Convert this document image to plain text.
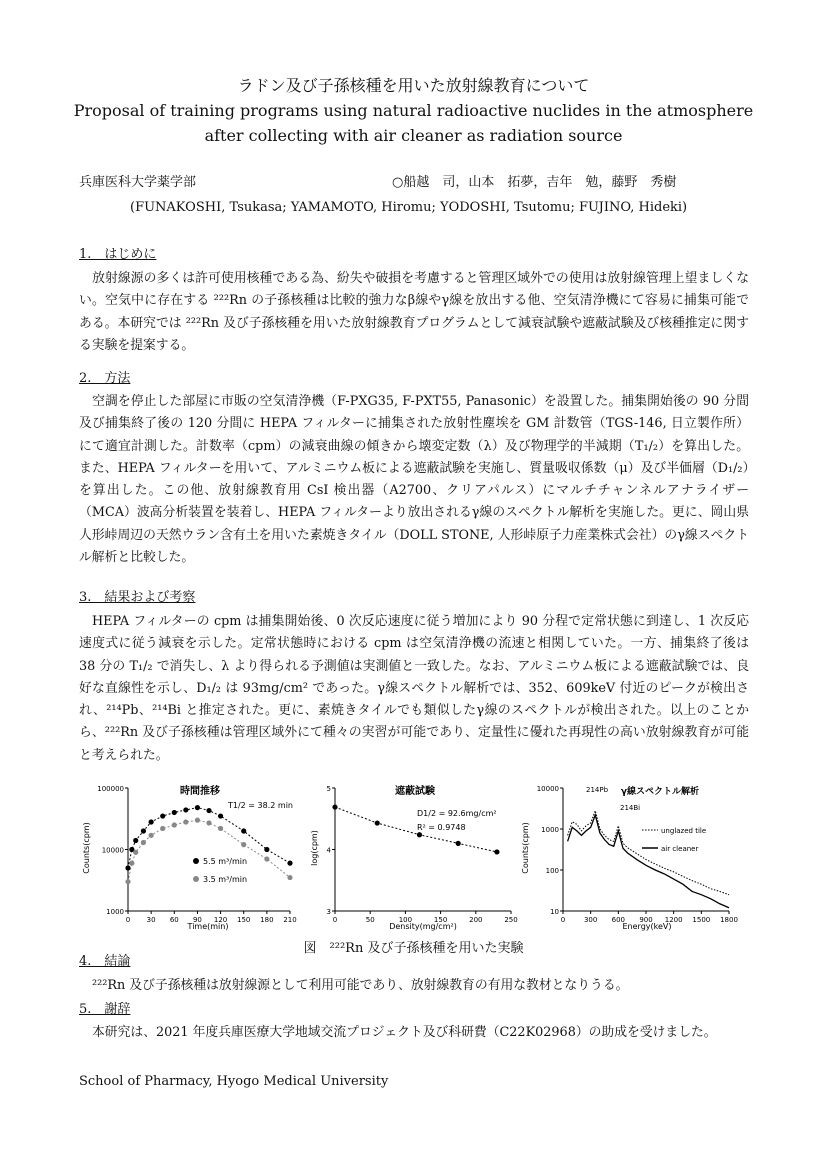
ラドン及び子孫核種を用いた放射線教育について
Proposal of training programs using natural radioactive nuclides in the atmosphere
after collecting with air cleaner as radiation source
兵庫医科大学薬学部	○船越　司，山本　拓夢，吉年　勉，藤野　秀樹
(FUNAKOSHI, Tsukasa; YAMAMOTO, Hiromu; YODOSHI, Tsutomu; FUJINO, Hideki)
1.　はじめに

放射線源の多くは許可使用核種である為、紛失や破損を考慮すると管理区域外での使用は放射線管理上望ましくない。空気中に存在する ²²²Rn の子孫核種は比較的強力なβ線やγ線を放出する他、空気清浄機にて容易に捕集可能である。本研究では ²²²Rn 及び子孫核種を用いた放射線教育プログラムとして減衰試験や遮蔽試験及び核種推定に関する実験を提案する。

2.　方法

空調を停止した部屋に市販の空気清浄機（F-PXG35, F-PXT55, Panasonic）を設置した。捕集開始後の 90 分間及び捕集終了後の 120 分間に HEPA フィルターに捕集された放射性塵埃を GM 計数管（TGS-146, 日立製作所）にて適宜計測した。計数率（cpm）の減衰曲線の傾きから壊変定数（λ）及び物理学的半減期（T₁/₂）を算出した。また、HEPA フィルターを用いて、アルミニウム板による遮蔽試験を実施し、質量吸収係数（μ）及び半価層（D₁/₂）を算出した。この他、放射線教育用 CsI 検出器（A2700、クリアパルス）にマルチチャンネルアナライザー（MCA）波高分析装置を装着し、HEPA フィルターより放出されるγ線のスペクトル解析を実施した。更に、岡山県人形峠周辺の天然ウラン含有土を用いた素焼きタイル（DOLL STONE, 人形峠原子力産業株式会社）のγ線スペクトル解析と比較した。

3.　結果および考察

HEPA フィルターの cpm は捕集開始後、0 次反応速度に従う増加により 90 分程で定常状態に到達し、1 次反応速度式に従う減衰を示した。定常状態時における cpm は空気清浄機の流速と相関していた。一方、捕集終了後は 38 分の T₁/₂ で消失し、λ より得られる予測値は実測値と一致した。なお、アルミニウム板による遮蔽試験では、良好な直線性を示し、D₁/₂ は 93mg/cm² であった。γ線スペクトル解析では、352、609keV 付近のピークが検出され、²¹⁴Pb、²¹⁴Bi と推定された。更に、素焼きタイルでも類似したγ線のスペクトルが検出された。以上のことから、²²²Rn 及び子孫核種は管理区域外にて種々の実習が可能であり、定量性に優れた再現性の高い放射線教育が可能と考えられた。

時間推移
T1/2 = 38.2 min
0 30 60 90 120 150 180 210
1000
10000
100000
Time(min)
Counts(cpm)	5.5 m³/min
3.5 m³/min
遮蔽試験
D1/2 = 92.6mg/cm²
R² = 0.9748
0	50	100	150	200	250
3
4
5
Density(mg/cm²)
log(cpm)
γ線スペクトル解析
214Pb
214Bi
0	300 600 900 1200 1500 1800
10
100
1000
10000
Energy(keV)
Counts(cpm)	unglazed tile
air cleaner
図　²²²Rn 及び子孫核種を用いた実験
4.　結論

²²²Rn 及び子孫核種は放射線源として利用可能であり、放射線教育の有用な教材となりうる。

5.　謝辞

本研究は、2021 年度兵庫医療大学地域交流プロジェクト及び科研費（C22K02968）の助成を受けました。

School of Pharmacy, Hyogo Medical University
